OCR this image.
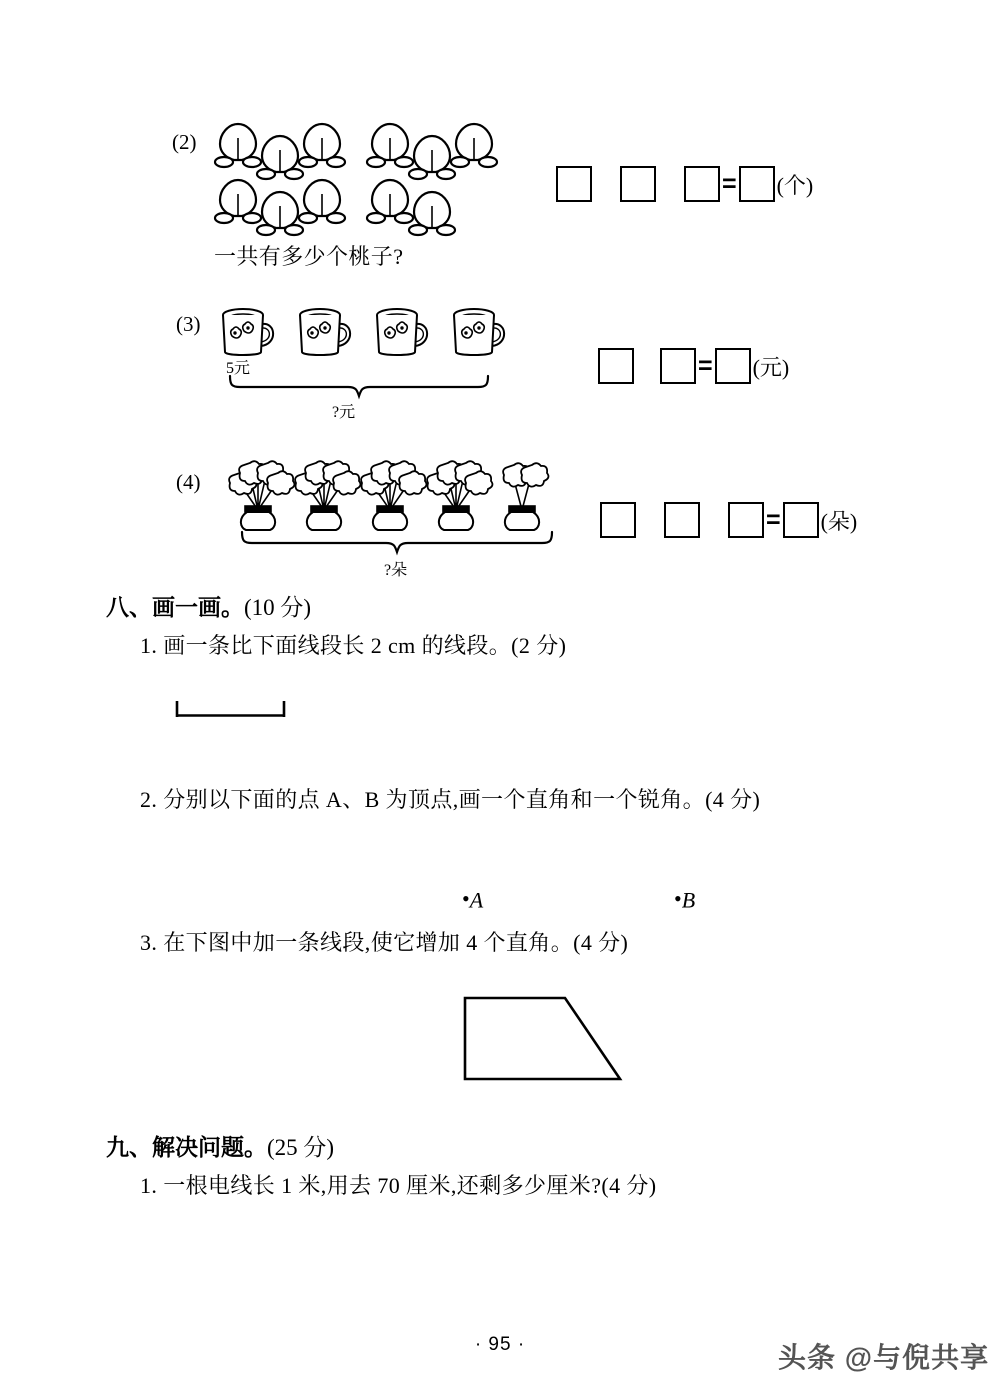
(2)
一共有多少个桃子?
= (个)
(3)
5元
?元
= (元)
(4)
?朵
= (朵)
八、画一画。(10 分)
1. 画一条比下面线段长 2 cm 的线段。(2 分)
2. 分别以下面的点 A、B 为顶点,画一个直角和一个锐角。(4 分)
•A	•B
3. 在下图中加一条线段,使它增加 4 个直角。(4 分)
九、解决问题。(25 分)
1. 一根电线长 1 米,用去 70 厘米,还剩多少厘米?(4 分)
· 95 ·	头条 @与倪共享
